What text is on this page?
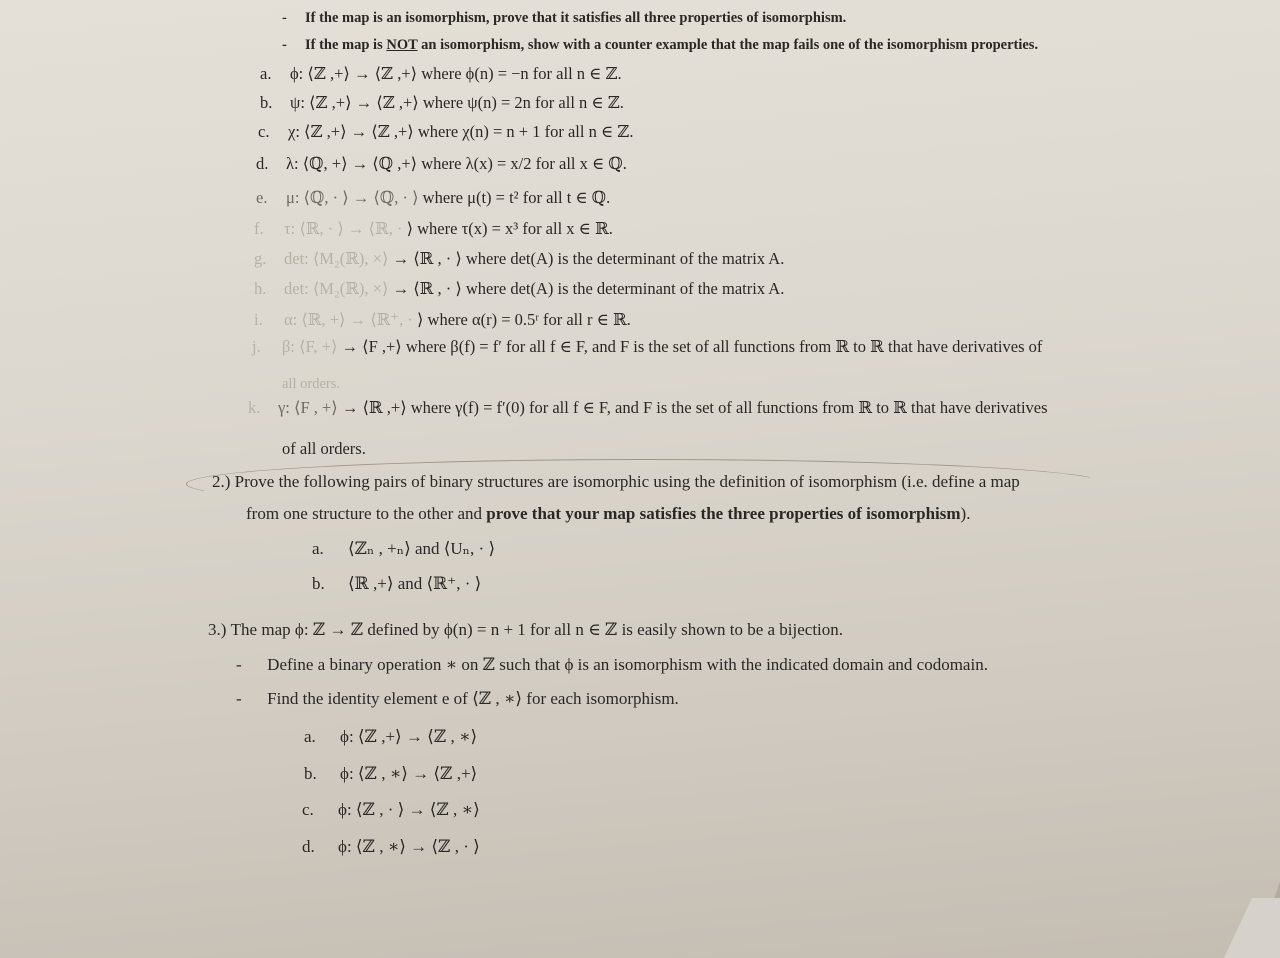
-     If the map is an isomorphism, prove that it satisfies all three properties of isomorphism.
-     If the map is NOT an isomorphism, show with a counter example that the map fails one of the isomorphism properties.
a. ϕ: ⟨ℤ ,+⟩ → ⟨ℤ ,+⟩ where ϕ(n) = −n for all n ∈ ℤ.
b. ψ: ⟨ℤ ,+⟩ → ⟨ℤ ,+⟩ where ψ(n) = 2n for all n ∈ ℤ.
c. χ: ⟨ℤ ,+⟩ → ⟨ℤ ,+⟩ where χ(n) = n + 1 for all n ∈ ℤ.
d. λ: ⟨ℚ, +⟩ → ⟨ℚ ,+⟩ where λ(x) = x/2 for all x ∈ ℚ.
e. μ: ⟨ℚ, · ⟩ → ⟨ℚ, · ⟩ where μ(t) = t² for all t ∈ ℚ.
f. τ: ⟨ℝ, · ⟩ → ⟨ℝ, · ⟩ where τ(x) = x³ for all x ∈ ℝ.
g. det: ⟨M₂(ℝ), ×⟩ → ⟨ℝ , · ⟩ where det(A) is the determinant of the matrix A.
h. det: ⟨M₂(ℝ), ×⟩ → ⟨ℝ , · ⟩ where det(A) is the determinant of the matrix A.
i. α: ⟨ℝ, +⟩ → ⟨ℝ⁺, · ⟩ where α(r) = 0.5ʳ for all r ∈ ℝ.
j. β: ⟨F, +⟩ → ⟨F ,+⟩ where β(f) = f′ for all f ∈ F, and F is the set of all functions from ℝ to ℝ that have derivatives of
all orders.
k. γ: ⟨F , +⟩ → ⟨ℝ ,+⟩ where γ(f) = f′(0) for all f ∈ F, and F is the set of all functions from ℝ to ℝ that have derivatives
of all orders.
2.) Prove the following pairs of binary structures are isomorphic using the definition of isomorphism (i.e. define a map
from one structure to the other and prove that your map satisfies the three properties of isomorphism).
a. ⟨ℤₙ , +ₙ⟩ and ⟨Uₙ, · ⟩
b. ⟨ℝ ,+⟩ and ⟨ℝ⁺, · ⟩
3.) The map ϕ: ℤ → ℤ defined by ϕ(n) = n + 1 for all n ∈ ℤ is easily shown to be a bijection.
-      Define a binary operation ∗ on ℤ such that ϕ is an isomorphism with the indicated domain and codomain.
-      Find the identity element e of ⟨ℤ , ∗⟩ for each isomorphism.
a. ϕ: ⟨ℤ ,+⟩ → ⟨ℤ , ∗⟩
b. ϕ: ⟨ℤ , ∗⟩ → ⟨ℤ ,+⟩
c. ϕ: ⟨ℤ , · ⟩ → ⟨ℤ , ∗⟩
d. ϕ: ⟨ℤ , ∗⟩ → ⟨ℤ , · ⟩
